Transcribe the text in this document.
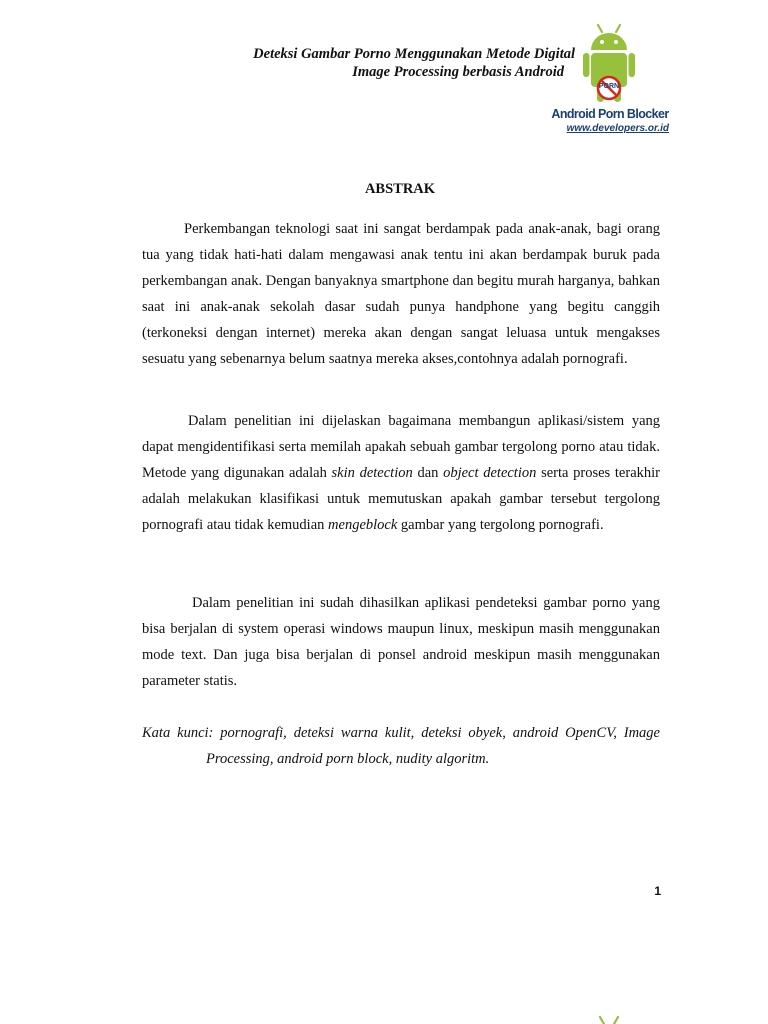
Deteksi Gambar Porno Menggunakan Metode Digital
Image Processing berbasis Android
PORN
Android Porn Blocker
www.developers.or.id
ABSTRAK

Perkembangan teknologi saat ini sangat berdampak pada anak-anak, bagi orang tua yang tidak hati-hati dalam mengawasi anak tentu ini akan berdampak buruk pada perkembangan anak. Dengan banyaknya smartphone dan begitu murah harganya, bahkan saat ini anak-anak sekolah dasar sudah punya handphone yang begitu canggih (terkoneksi dengan internet) mereka akan dengan sangat leluasa untuk mengakses sesuatu yang sebenarnya belum saatnya mereka akses,contohnya adalah pornografi.

Dalam penelitian ini dijelaskan bagaimana membangun aplikasi/sistem yang dapat mengidentifikasi serta memilah apakah sebuah gambar tergolong porno atau tidak. Metode yang digunakan adalah skin detection dan object detection serta proses terakhir adalah melakukan klasifikasi untuk memutuskan apakah gambar tersebut tergolong pornografi atau tidak kemudian mengeblock gambar yang tergolong pornografi.

Dalam penelitian ini sudah dihasilkan aplikasi pendeteksi gambar porno yang bisa berjalan di system operasi windows maupun linux, meskipun masih menggunakan mode text. Dan juga bisa berjalan di ponsel android meskipun masih menggunakan parameter statis.

Kata kunci: pornografi, deteksi warna kulit, deteksi obyek, android OpenCV, Image
Processing, android porn block, nudity algoritm.

1
